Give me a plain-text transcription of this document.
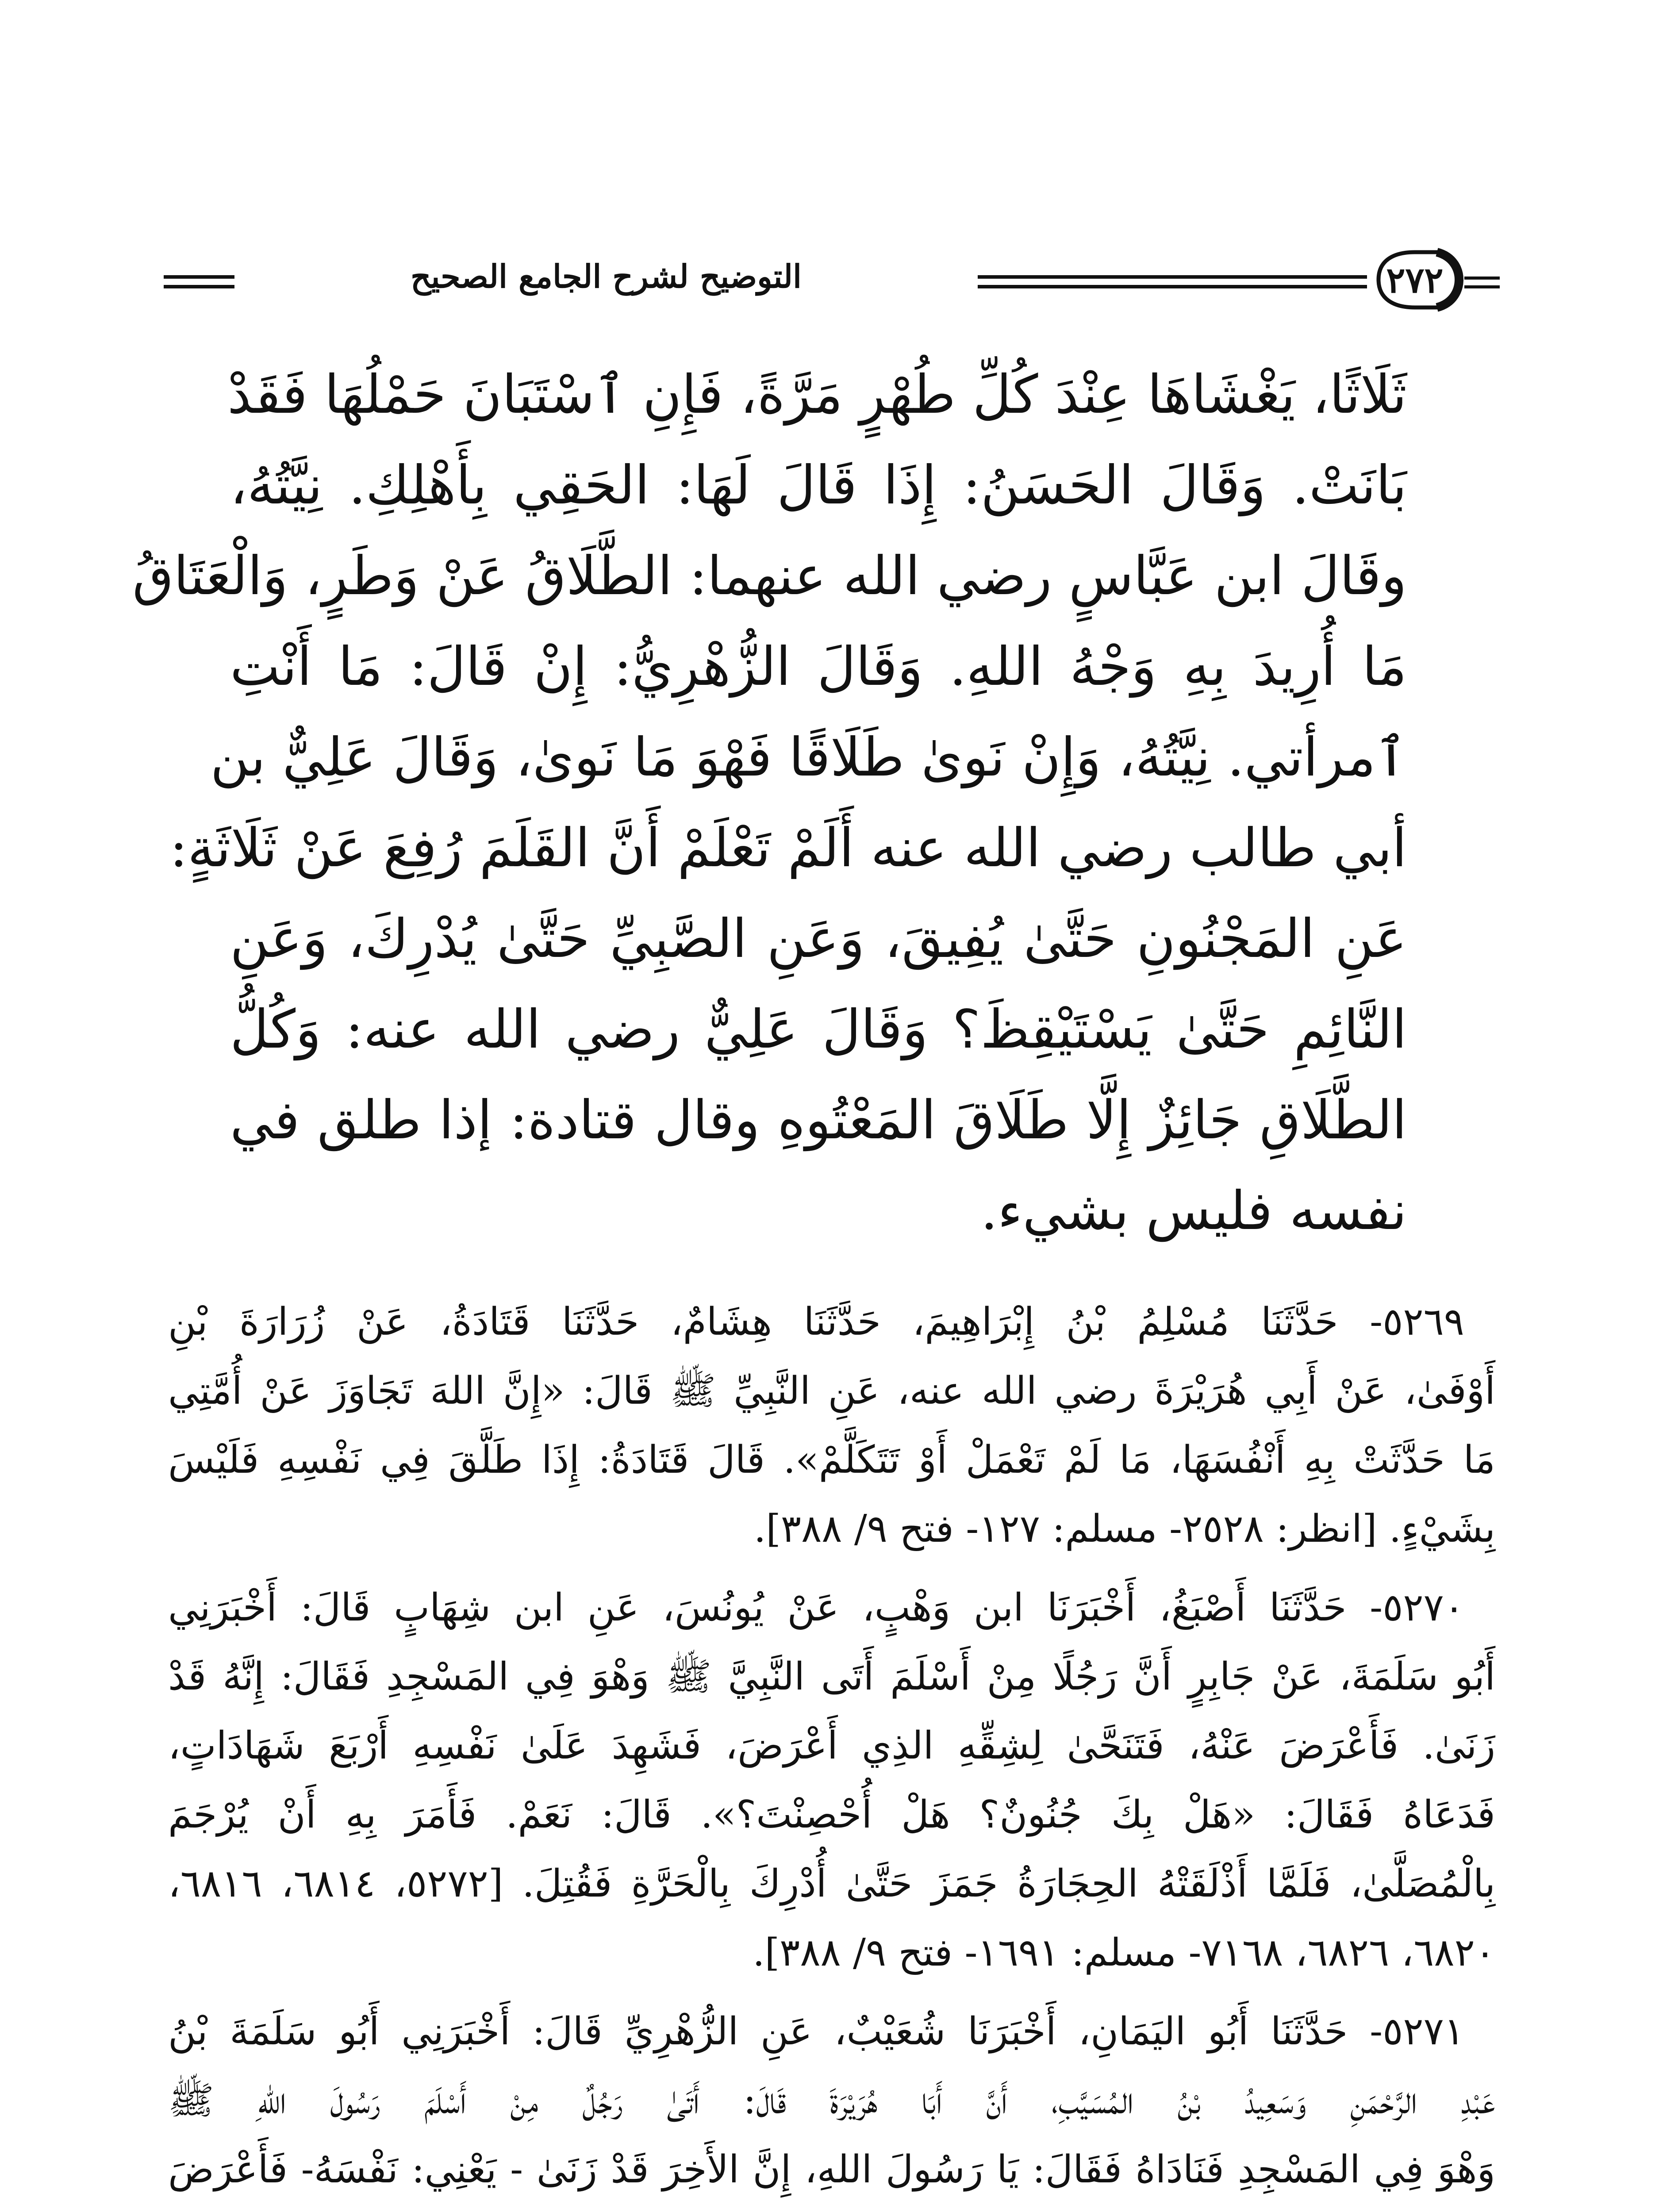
التوضيح لشرح الجامع الصحيح	٢٧٢
ثَلَاثًا، يَغْشَاهَا عِنْدَ كُلِّ طُهْرٍ مَرَّةً، فَإِنِ ٱسْتَبَانَ حَمْلُهَا فَقَدْ
بَانَتْ. وَقَالَ الحَسَنُ: إِذَا قَالَ لَهَا: الحَقِي بِأَهْلِكِ. نِيَّتُهُ،
وقَالَ ابن عَبَّاسٍ رضي الله عنهما: الطَّلَاقُ عَنْ وَطَرٍ، وَالْعَتَاقُ
مَا أُرِيدَ بِهِ وَجْهُ اللهِ. وَقَالَ الزُّهْرِيُّ: إِنْ قَالَ: مَا أَنْتِ
ٱمرأتي. نِيَّتُهُ، وَإِنْ نَوىٰ طَلَاقًا فَهْوَ مَا نَوىٰ، وَقَالَ عَلِيٌّ بن
أبي طالب رضي الله عنه أَلَمْ تَعْلَمْ أَنَّ القَلَمَ رُفِعَ عَنْ ثَلَاثَةٍ:
عَنِ المَجْنُونِ حَتَّىٰ يُفِيقَ، وَعَنِ الصَّبِيِّ حَتَّىٰ يُدْرِكَ، وَعَنِ
النَّائِمِ حَتَّىٰ يَسْتَيْقِظَ؟ وَقَالَ عَلِيٌّ رضي الله عنه: وَكُلُّ
الطَّلَاقِ جَائِزٌ إِلَّا طَلَاقَ المَعْتُوهِ وقال قتادة: إذا طلق في
نفسه فليس بشيء.
٥٢٦٩- حَدَّثَنَا مُسْلِمُ بْنُ إِبْرَاهِيمَ، حَدَّثَنَا هِشَامٌ، حَدَّثَنَا قَتَادَةُ، عَنْ زُرَارَةَ بْنِ
أَوْفَىٰ، عَنْ أَبِي هُرَيْرَةَ رضي الله عنه، عَنِ النَّبِيِّ ﷺ قَالَ: «إِنَّ اللهَ تَجَاوَزَ عَنْ أُمَّتِي
مَا حَدَّثَتْ بِهِ أَنْفُسَهَا، مَا لَمْ تَعْمَلْ أَوْ تَتَكَلَّمْ». قَالَ قَتَادَةُ: إِذَا طَلَّقَ فِي نَفْسِهِ فَلَيْسَ
بِشَيْءٍ. [انظر: ٢٥٢٨- مسلم: ١٢٧- فتح ٩/ ٣٨٨].
٥٢٧٠- حَدَّثَنَا أَصْبَغُ، أَخْبَرَنَا ابن وَهْبٍ، عَنْ يُونُسَ، عَنِ ابن شِهَابٍ قَالَ: أَخْبَرَنِي
أَبُو سَلَمَةَ، عَنْ جَابِرٍ أَنَّ رَجُلًا مِنْ أَسْلَمَ أَتَى النَّبِيَّ ﷺ وَهْوَ فِي المَسْجِدِ فَقَالَ: إِنَّهُ قَدْ
زَنَىٰ. فَأَعْرَضَ عَنْهُ، فَتَنَحَّىٰ لِشِقِّهِ الذِي أَعْرَضَ، فَشَهِدَ عَلَىٰ نَفْسِهِ أَرْبَعَ شَهَادَاتٍ،
فَدَعَاهُ فَقَالَ: «هَلْ بِكَ جُنُونٌ؟ هَلْ أُحْصِنْتَ؟». قَالَ: نَعَمْ. فَأَمَرَ بِهِ أَنْ يُرْجَمَ
بِالْمُصَلَّىٰ، فَلَمَّا أَذْلَقَتْهُ الحِجَارَةُ جَمَزَ حَتَّىٰ أُدْرِكَ بِالْحَرَّةِ فَقُتِلَ. [٥٢٧٢، ٦٨١٤، ٦٨١٦،
٦٨٢٠، ٦٨٢٦، ٧١٦٨- مسلم: ١٦٩١- فتح ٩/ ٣٨٨].
٥٢٧١- حَدَّثَنَا أَبُو اليَمَانِ، أَخْبَرَنَا شُعَيْبٌ، عَنِ الزُّهْرِيِّ قَالَ: أَخْبَرَنِي أَبُو سَلَمَةَ بْنُ
عَبْدِ الرَّحْمَنِ وَسَعِيدُ بْنُ المُسَيَّبِ، أَنَّ أَبَا هُرَيْرَةَ قَالَ: أَتَىٰ رَجُلٌ مِنْ أَسْلَمَ رَسُولَ اللهِ ﷺ
وَهْوَ فِي المَسْجِدِ فَنَادَاهُ فَقَالَ: يَا رَسُولَ اللهِ، إِنَّ الأَخِرَ قَدْ زَنَىٰ - يَعْنِي: نَفْسَهُ- فَأَعْرَضَ
